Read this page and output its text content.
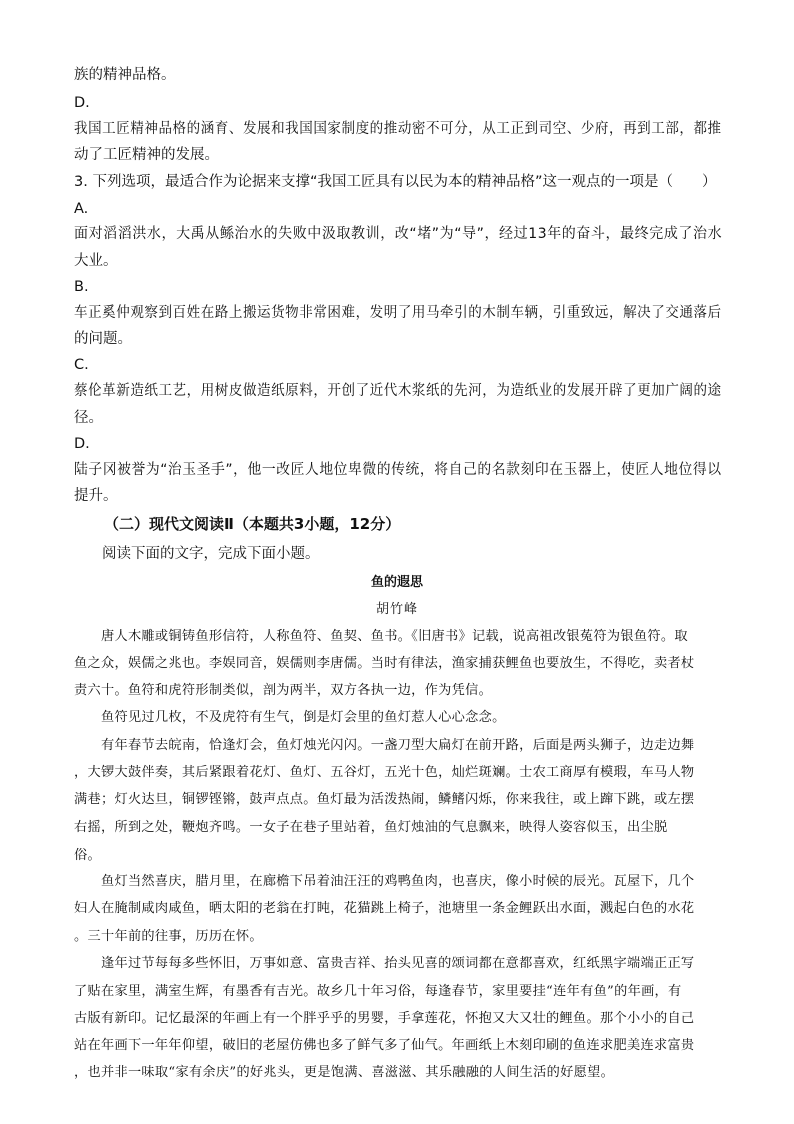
族的精神品格。
D.
我国工匠精神品格的涵育、发展和我国国家制度的推动密不可分，从工正到司空、少府，再到工部，都推
动了工匠精神的发展。
3. 下列选项，最适合作为论据来支撑“我国工匠具有以民为本的精神品格”这一观点的一项是（　　）
A.
面对滔滔洪水，大禹从鲧治水的失败中汲取教训，改“堵”为“导”，经过13年的奋斗，最终完成了治水
大业。
B.
车正奚仲观察到百姓在路上搬运货物非常困难，发明了用马牵引的木制车辆，引重致远，解决了交通落后
的问题。
C.
蔡伦革新造纸工艺，用树皮做造纸原料，开创了近代木浆纸的先河，为造纸业的发展开辟了更加广阔的途
径。
D.
陆子冈被誉为“治玉圣手”，他一改匠人地位卑微的传统，将自己的名款刻印在玉器上，使匠人地位得以
提升。
（二）现代文阅读Ⅱ（本题共3小题，12分）
阅读下面的文字，完成下面小题。
鱼的遐思
胡竹峰
　　唐人木雕或铜铸鱼形信符，人称鱼符、鱼契、鱼书。《旧唐书》记载，说高祖改银菟符为银鱼符。取
鱼之众，娱儒之兆也。李娱同音，娱儒则李唐儒。当时有律法，渔家捕获鲤鱼也要放生，不得吃，卖者杖
责六十。鱼符和虎符形制类似，剖为两半，双方各执一边，作为凭信。
　　鱼符见过几枚，不及虎符有生气，倒是灯会里的鱼灯惹人心心念念。
　　有年春节去皖南，恰逢灯会，鱼灯烛光闪闪。一盏刀型大扁灯在前开路，后面是两头狮子，边走边舞
，大锣大鼓伴奏，其后紧跟着花灯、鱼灯、五谷灯，五光十色，灿烂斑斓。士农工商厚有模瑕，车马人物
满巷；灯火达旦，铜锣铿锵，鼓声点点。鱼灯最为活泼热闹，鳞鳍闪烁，你来我往，或上蹿下跳，或左摆
右摇，所到之处，鞭炮齐鸣。一女子在巷子里站着，鱼灯烛油的气息飘来，映得人姿容似玉，出尘脱
俗。
　　鱼灯当然喜庆，腊月里，在廊檐下吊着油汪汪的鸡鸭鱼肉，也喜庆，像小时候的辰光。瓦屋下，几个
妇人在腌制咸肉咸鱼，晒太阳的老翁在打盹，花猫跳上椅子，池塘里一条金鲤跃出水面，溅起白色的水花
。三十年前的往事，历历在怀。
　　逢年过节每每多些怀旧，万事如意、富贵吉祥、抬头见喜的颂词都在意都喜欢，红纸黑字端端正正写
了贴在家里，满室生辉，有墨香有吉光。故乡几十年习俗，每逢春节，家里要挂“连年有鱼”的年画，有
古版有新印。记忆最深的年画上有一个胖乎乎的男婴，手拿莲花，怀抱又大又壮的鲤鱼。那个小小的自己
站在年画下一年年仰望，破旧的老屋仿佛也多了鲜气多了仙气。年画纸上木刻印刷的鱼连求肥美连求富贵
，也并非一味取“家有余庆”的好兆头，更是饱满、喜滋滋、其乐融融的人间生活的好愿望。
